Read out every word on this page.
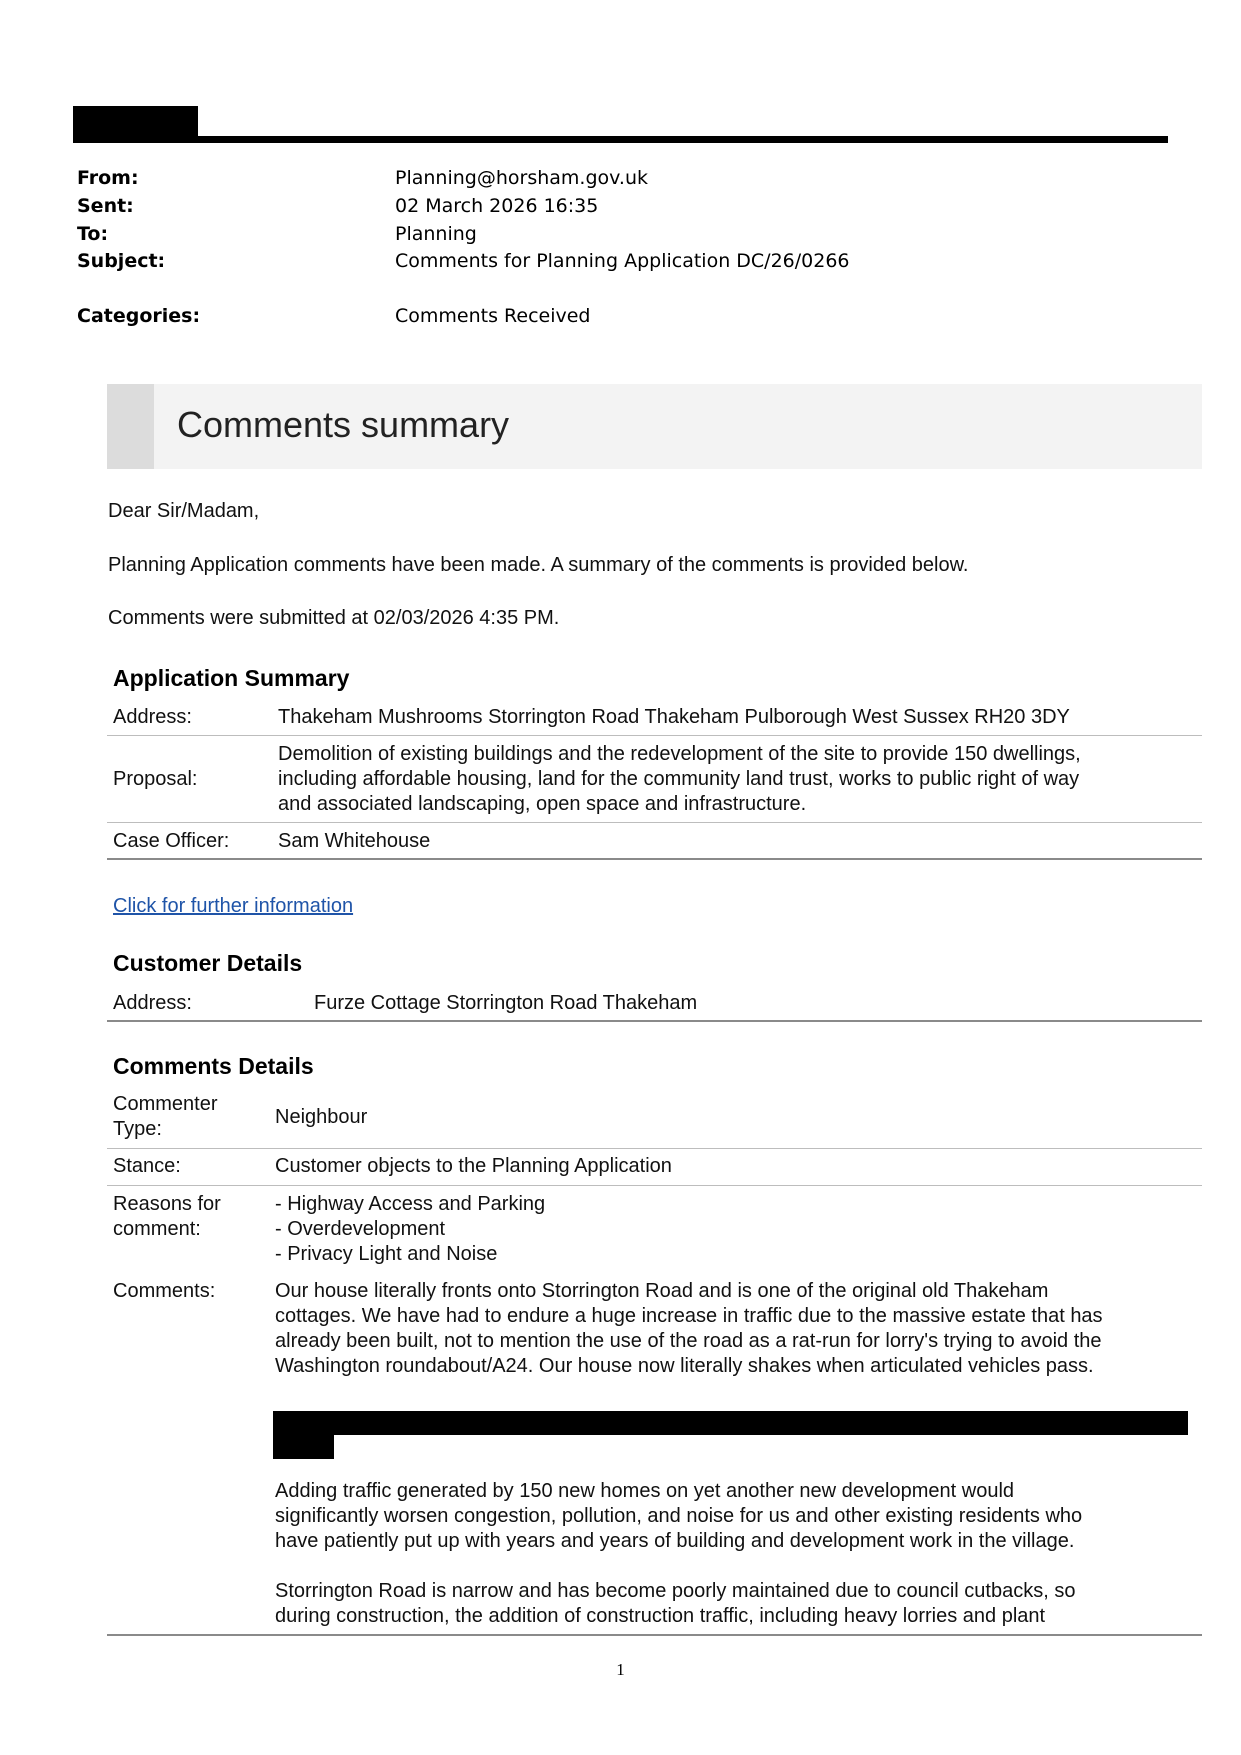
From:	Planning@horsham.gov.uk
Sent:	02 March 2026 16:35
To:	Planning
Subject:	Comments for Planning Application DC/26/0266
Categories:	Comments Received
Comments summary
Dear Sir/Madam,
Planning Application comments have been made. A summary of the comments is provided below.
Comments were submitted at 02/03/2026 4:35 PM.
Application Summary
Address:	Thakeham Mushrooms Storrington Road Thakeham Pulborough West Sussex RH20 3DY
Proposal:
Demolition of existing buildings and the redevelopment of the site to provide 150 dwellings,
including affordable housing, land for the community land trust, works to public right of way
and associated landscaping, open space and infrastructure.
Case Officer: Sam Whitehouse
Click for further information
Customer Details
Address:	Furze Cottage Storrington Road Thakeham
Comments Details
Commenter
Type:
Neighbour
Stance:	Customer objects to the Planning Application
Reasons for
comment:
- Highway Access and Parking
- Overdevelopment
- Privacy Light and Noise
Comments:	Our house literally fronts onto Storrington Road and is one of the original old Thakeham
cottages. We have had to endure a huge increase in traffic due to the massive estate that has
already been built, not to mention the use of the road as a rat-run for lorry's trying to avoid the
Washington roundabout/A24. Our house now literally shakes when articulated vehicles pass.
Adding traffic generated by 150 new homes on yet another new development would
significantly worsen congestion, pollution, and noise for us and other existing residents who
have patiently put up with years and years of building and development work in the village.
Storrington Road is narrow and has become poorly maintained due to council cutbacks, so
during construction, the addition of construction traffic, including heavy lorries and plant
1
